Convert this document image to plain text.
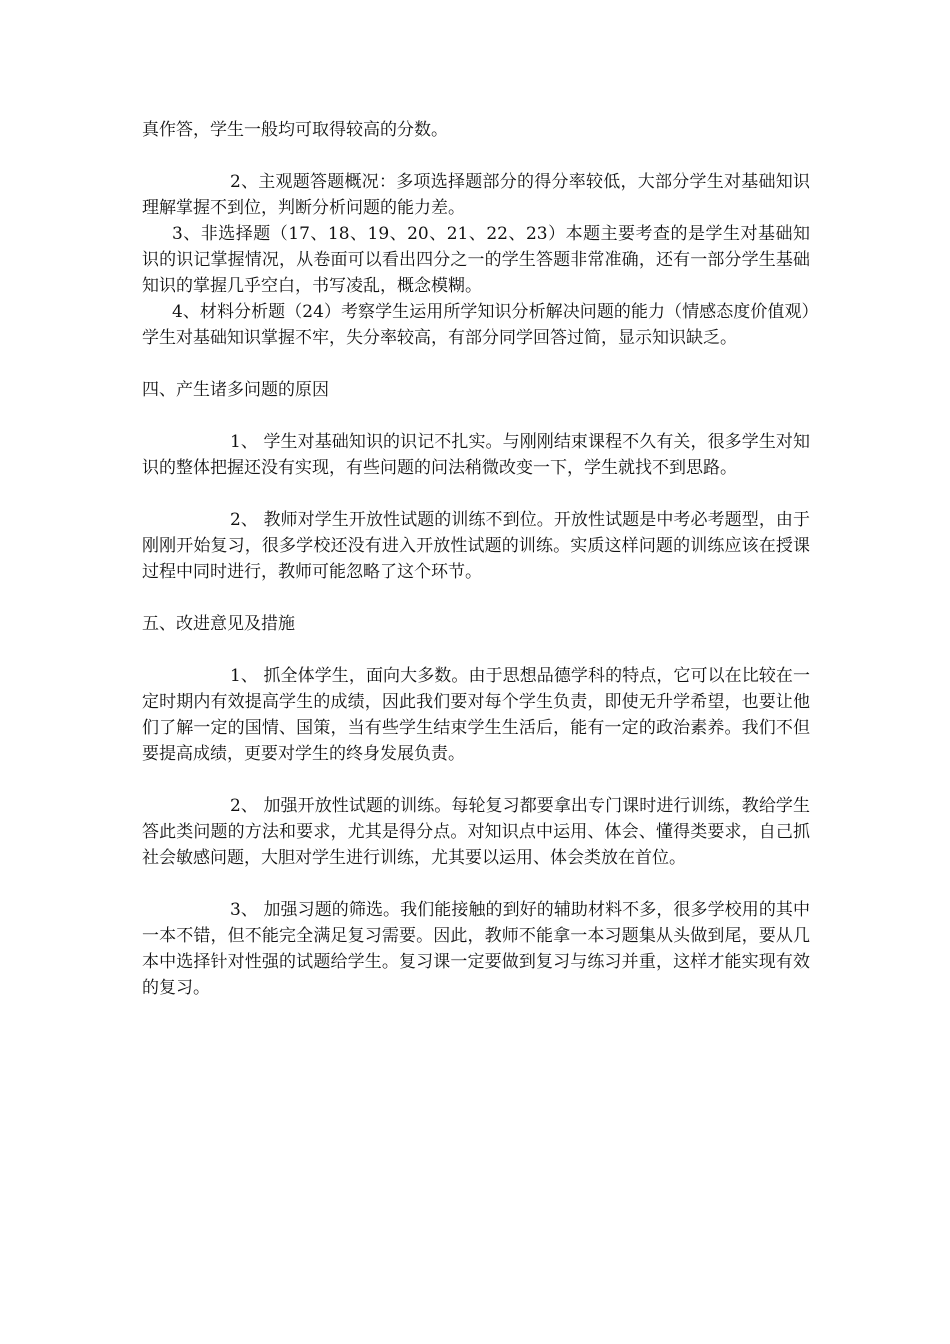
真作答，学生一般均可取得较高的分数。

2、主观题答题概况：多项选择题部分的得分率较低，大部分学生对基础知识理解掌握不到位，判断分析问题的能力差。

3、非选择题（17、18、19、20、21、22、23）本题主要考查的是学生对基础知识的识记掌握情况，从卷面可以看出四分之一的学生答题非常准确，还有一部分学生基础知识的掌握几乎空白，书写凌乱，概念模糊。

4、材料分析题（24）考察学生运用所学知识分析解决问题的能力（情感态度价值观）学生对基础知识掌握不牢，失分率较高，有部分同学回答过简，显示知识缺乏。

四、产生诸多问题的原因

1、 学生对基础知识的识记不扎实。与刚刚结束课程不久有关，很多学生对知识的整体把握还没有实现，有些问题的问法稍微改变一下，学生就找不到思路。

2、 教师对学生开放性试题的训练不到位。开放性试题是中考必考题型，由于刚刚开始复习，很多学校还没有进入开放性试题的训练。实质这样问题的训练应该在授课过程中同时进行，教师可能忽略了这个环节。

五、改进意见及措施

1、 抓全体学生，面向大多数。由于思想品德学科的特点，它可以在比较在一定时期内有效提高学生的成绩，因此我们要对每个学生负责，即使无升学希望，也要让他们了解一定的国情、国策，当有些学生结束学生生活后，能有一定的政治素养。我们不但要提高成绩，更要对学生的终身发展负责。

2、 加强开放性试题的训练。每轮复习都要拿出专门课时进行训练，教给学生答此类问题的方法和要求，尤其是得分点。对知识点中运用、体会、懂得类要求，自己抓社会敏感问题，大胆对学生进行训练，尤其要以运用、体会类放在首位。

3、 加强习题的筛选。我们能接触的到好的辅助材料不多，很多学校用的其中一本不错，但不能完全满足复习需要。因此，教师不能拿一本习题集从头做到尾，要从几本中选择针对性强的试题给学生。复习课一定要做到复习与练习并重，这样才能实现有效的复习。
